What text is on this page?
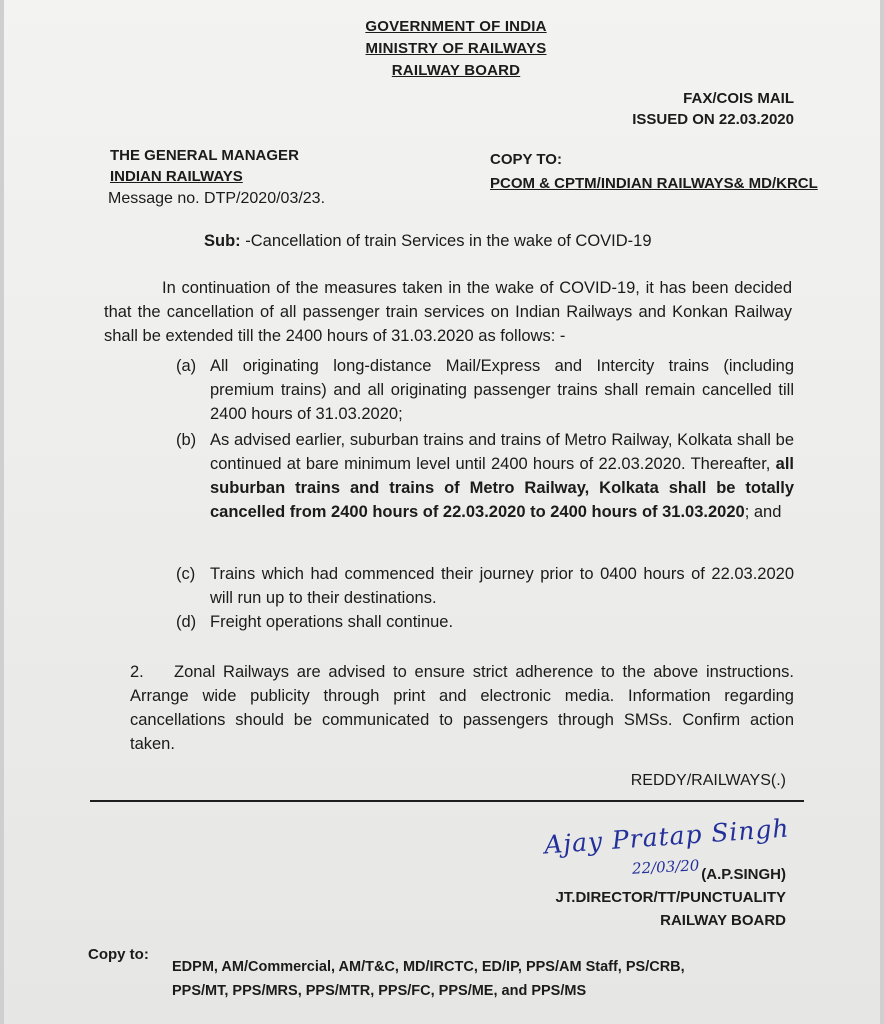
GOVERNMENT OF INDIA
MINISTRY OF RAILWAYS
RAILWAY BOARD
FAX/COIS MAIL
ISSUED ON 22.03.2020
THE GENERAL MANAGER
INDIAN RAILWAYS
Message no. DTP/2020/03/23.
COPY TO:
PCOM & CPTM/INDIAN RAILWAYS& MD/KRCL
Sub: -Cancellation of train Services in the wake of COVID-19
In continuation of the measures taken in the wake of COVID-19, it has been decided that the cancellation of all passenger train services on Indian Railways and Konkan Railway shall be extended till the 2400 hours of 31.03.2020 as follows: -
(a) All originating long-distance Mail/Express and Intercity trains (including premium trains) and all originating passenger trains shall remain cancelled till 2400 hours of 31.03.2020;
(b) As advised earlier, suburban trains and trains of Metro Railway, Kolkata shall be continued at bare minimum level until 2400 hours of 22.03.2020. Thereafter, all suburban trains and trains of Metro Railway, Kolkata shall be totally cancelled from 2400 hours of 22.03.2020 to 2400 hours of 31.03.2020; and
(c) Trains which had commenced their journey prior to 0400 hours of 22.03.2020 will run up to their destinations.
(d) Freight operations shall continue.
2.	Zonal Railways are advised to ensure strict adherence to the above instructions. Arrange wide publicity through print and electronic media. Information regarding cancellations should be communicated to passengers through SMSs. Confirm action taken.
REDDY/RAILWAYS(.)
Ajay Pratap Singh
22/03/20 (A.P.SINGH)
JT.DIRECTOR/TT/PUNCTUALITY
RAILWAY BOARD
Copy to:
EDPM, AM/Commercial, AM/T&C, MD/IRCTC, ED/IP, PPS/AM Staff, PS/CRB,
PPS/MT, PPS/MRS, PPS/MTR, PPS/FC, PPS/ME, and PPS/MS
